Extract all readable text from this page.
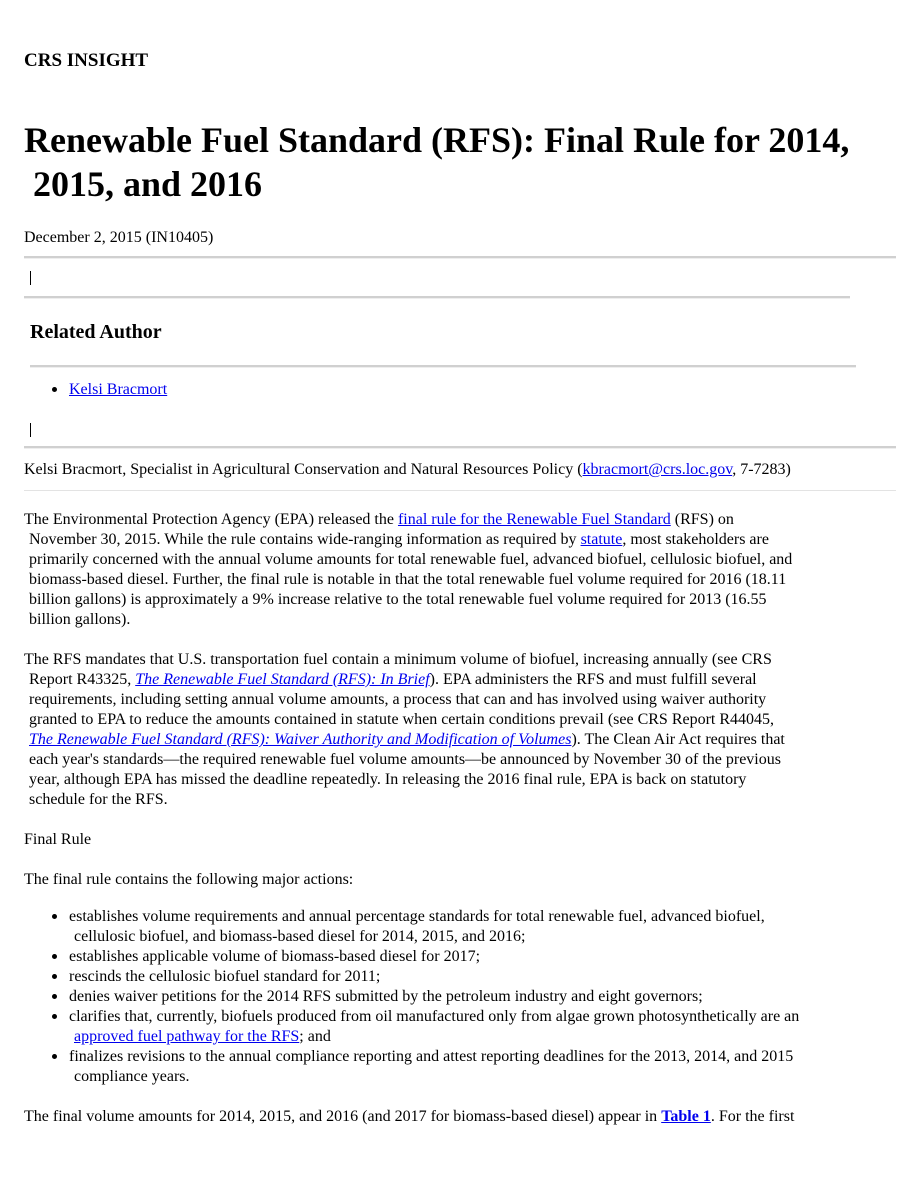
CRS INSIGHT
Renewable Fuel Standard (RFS): Final Rule for 2014,
2015, and 2016
December 2, 2015 (IN10405)
Related Author
Kelsi Bracmort
Kelsi Bracmort, Specialist in Agricultural Conservation and Natural Resources Policy (kbracmort@crs.loc.gov, 7-7283)
The Environmental Protection Agency (EPA) released the final rule for the Renewable Fuel Standard (RFS) on
November 30, 2015. While the rule contains wide-ranging information as required by statute, most stakeholders are
primarily concerned with the annual volume amounts for total renewable fuel, advanced biofuel, cellulosic biofuel, and
biomass-based diesel. Further, the final rule is notable in that the total renewable fuel volume required for 2016 (18.11
billion gallons) is approximately a 9% increase relative to the total renewable fuel volume required for 2013 (16.55
billion gallons).
The RFS mandates that U.S. transportation fuel contain a minimum volume of biofuel, increasing annually (see CRS
Report R43325, The Renewable Fuel Standard (RFS): In Brief). EPA administers the RFS and must fulfill several
requirements, including setting annual volume amounts, a process that can and has involved using waiver authority
granted to EPA to reduce the amounts contained in statute when certain conditions prevail (see CRS Report R44045,
The Renewable Fuel Standard (RFS): Waiver Authority and Modification of Volumes). The Clean Air Act requires that
each year's standards—the required renewable fuel volume amounts—be announced by November 30 of the previous
year, although EPA has missed the deadline repeatedly. In releasing the 2016 final rule, EPA is back on statutory
schedule for the RFS.
Final Rule
The final rule contains the following major actions:
establishes volume requirements and annual percentage standards for total renewable fuel, advanced biofuel,
cellulosic biofuel, and biomass-based diesel for 2014, 2015, and 2016;
establishes applicable volume of biomass-based diesel for 2017;
rescinds the cellulosic biofuel standard for 2011;
denies waiver petitions for the 2014 RFS submitted by the petroleum industry and eight governors;
clarifies that, currently, biofuels produced from oil manufactured only from algae grown photosynthetically are an
approved fuel pathway for the RFS; and
finalizes revisions to the annual compliance reporting and attest reporting deadlines for the 2013, 2014, and 2015
compliance years.
The final volume amounts for 2014, 2015, and 2016 (and 2017 for biomass-based diesel) appear in Table 1. For the first
